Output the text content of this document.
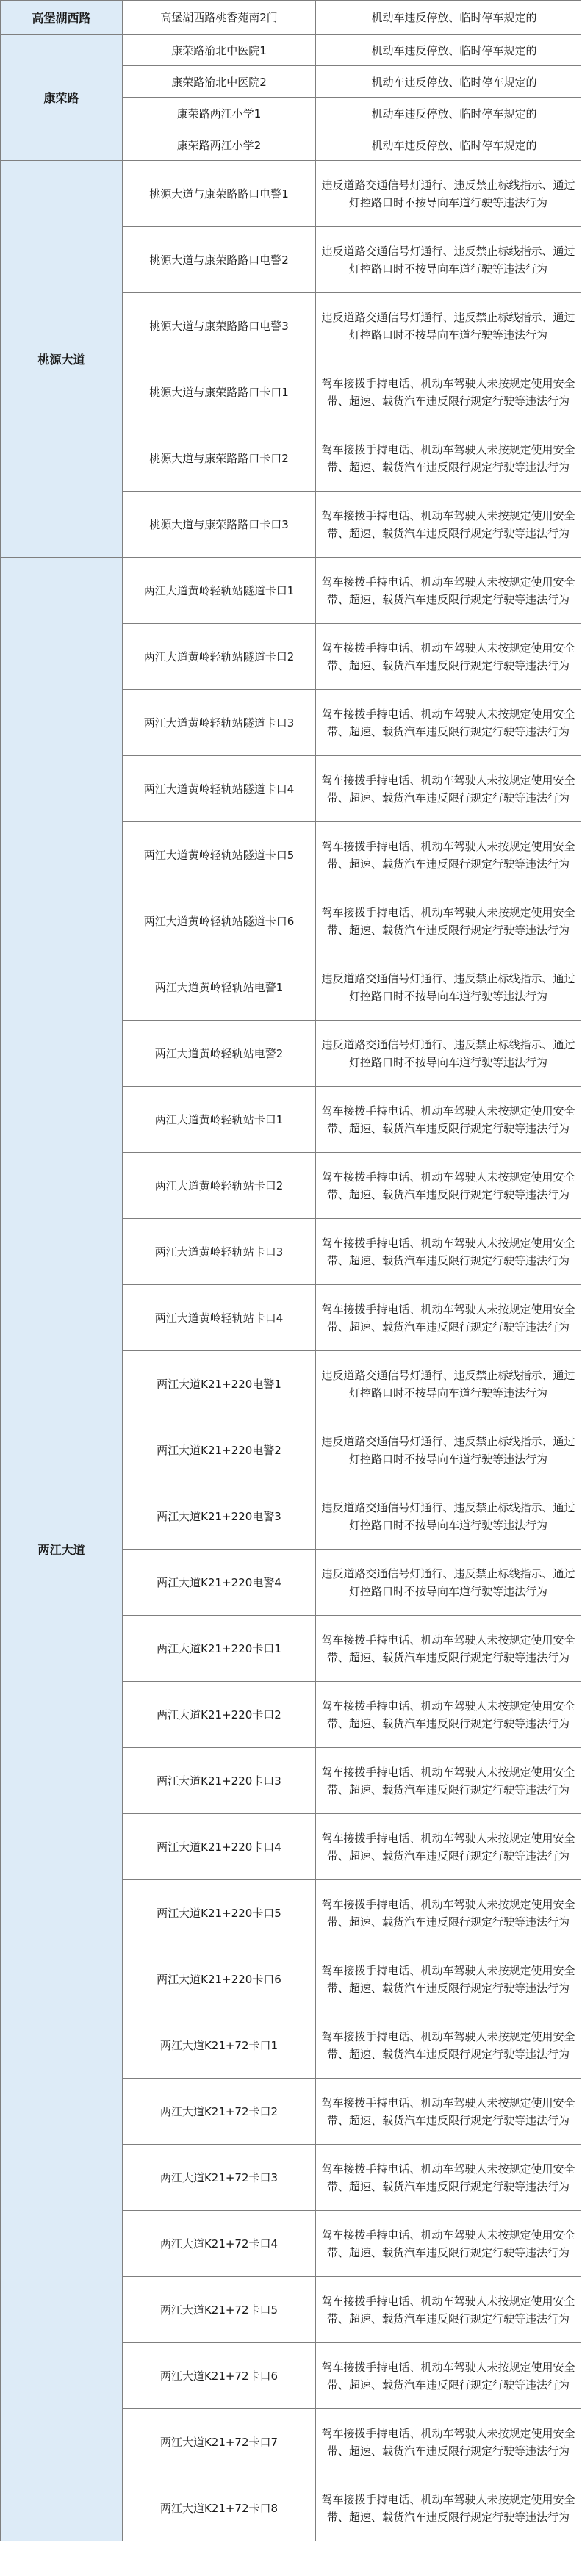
高堡湖西路	高堡湖西路桃香苑南2门	机动车违反停放、临时停车规定的
康荣路	康荣路渝北中医院1	机动车违反停放、临时停车规定的
	康荣路渝北中医院2	机动车违反停放、临时停车规定的
	康荣路两江小学1	机动车违反停放、临时停车规定的
	康荣路两江小学2	机动车违反停放、临时停车规定的
桃源大道	桃源大道与康荣路路口电警1	违反道路交通信号灯通行、违反禁止标线指示、通过灯控路口时不按导向车道行驶等违法行为
	桃源大道与康荣路路口电警2	违反道路交通信号灯通行、违反禁止标线指示、通过灯控路口时不按导向车道行驶等违法行为
	桃源大道与康荣路路口电警3	违反道路交通信号灯通行、违反禁止标线指示、通过灯控路口时不按导向车道行驶等违法行为
	桃源大道与康荣路路口卡口1	驾车接拨手持电话、机动车驾驶人未按规定使用安全带、超速、载货汽车违反限行规定行驶等违法行为
	桃源大道与康荣路路口卡口2	驾车接拨手持电话、机动车驾驶人未按规定使用安全带、超速、载货汽车违反限行规定行驶等违法行为
	桃源大道与康荣路路口卡口3	驾车接拨手持电话、机动车驾驶人未按规定使用安全带、超速、载货汽车违反限行规定行驶等违法行为
两江大道	两江大道黄岭轻轨站隧道卡口1	驾车接拨手持电话、机动车驾驶人未按规定使用安全带、超速、载货汽车违反限行规定行驶等违法行为
	两江大道黄岭轻轨站隧道卡口2	驾车接拨手持电话、机动车驾驶人未按规定使用安全带、超速、载货汽车违反限行规定行驶等违法行为
	两江大道黄岭轻轨站隧道卡口3	驾车接拨手持电话、机动车驾驶人未按规定使用安全带、超速、载货汽车违反限行规定行驶等违法行为
	两江大道黄岭轻轨站隧道卡口4	驾车接拨手持电话、机动车驾驶人未按规定使用安全带、超速、载货汽车违反限行规定行驶等违法行为
	两江大道黄岭轻轨站隧道卡口5	驾车接拨手持电话、机动车驾驶人未按规定使用安全带、超速、载货汽车违反限行规定行驶等违法行为
	两江大道黄岭轻轨站隧道卡口6	驾车接拨手持电话、机动车驾驶人未按规定使用安全带、超速、载货汽车违反限行规定行驶等违法行为
	两江大道黄岭轻轨站电警1	违反道路交通信号灯通行、违反禁止标线指示、通过灯控路口时不按导向车道行驶等违法行为
	两江大道黄岭轻轨站电警2	违反道路交通信号灯通行、违反禁止标线指示、通过灯控路口时不按导向车道行驶等违法行为
	两江大道黄岭轻轨站卡口1	驾车接拨手持电话、机动车驾驶人未按规定使用安全带、超速、载货汽车违反限行规定行驶等违法行为
	两江大道黄岭轻轨站卡口2	驾车接拨手持电话、机动车驾驶人未按规定使用安全带、超速、载货汽车违反限行规定行驶等违法行为
	两江大道黄岭轻轨站卡口3	驾车接拨手持电话、机动车驾驶人未按规定使用安全带、超速、载货汽车违反限行规定行驶等违法行为
	两江大道黄岭轻轨站卡口4	驾车接拨手持电话、机动车驾驶人未按规定使用安全带、超速、载货汽车违反限行规定行驶等违法行为
	两江大道K21+220电警1	违反道路交通信号灯通行、违反禁止标线指示、通过灯控路口时不按导向车道行驶等违法行为
	两江大道K21+220电警2	违反道路交通信号灯通行、违反禁止标线指示、通过灯控路口时不按导向车道行驶等违法行为
	两江大道K21+220电警3	违反道路交通信号灯通行、违反禁止标线指示、通过灯控路口时不按导向车道行驶等违法行为
	两江大道K21+220电警4	违反道路交通信号灯通行、违反禁止标线指示、通过灯控路口时不按导向车道行驶等违法行为
	两江大道K21+220卡口1	驾车接拨手持电话、机动车驾驶人未按规定使用安全带、超速、载货汽车违反限行规定行驶等违法行为
	两江大道K21+220卡口2	驾车接拨手持电话、机动车驾驶人未按规定使用安全带、超速、载货汽车违反限行规定行驶等违法行为
	两江大道K21+220卡口3	驾车接拨手持电话、机动车驾驶人未按规定使用安全带、超速、载货汽车违反限行规定行驶等违法行为
	两江大道K21+220卡口4	驾车接拨手持电话、机动车驾驶人未按规定使用安全带、超速、载货汽车违反限行规定行驶等违法行为
	两江大道K21+220卡口5	驾车接拨手持电话、机动车驾驶人未按规定使用安全带、超速、载货汽车违反限行规定行驶等违法行为
	两江大道K21+220卡口6	驾车接拨手持电话、机动车驾驶人未按规定使用安全带、超速、载货汽车违反限行规定行驶等违法行为
	两江大道K21+72卡口1	驾车接拨手持电话、机动车驾驶人未按规定使用安全带、超速、载货汽车违反限行规定行驶等违法行为
	两江大道K21+72卡口2	驾车接拨手持电话、机动车驾驶人未按规定使用安全带、超速、载货汽车违反限行规定行驶等违法行为
	两江大道K21+72卡口3	驾车接拨手持电话、机动车驾驶人未按规定使用安全带、超速、载货汽车违反限行规定行驶等违法行为
	两江大道K21+72卡口4	驾车接拨手持电话、机动车驾驶人未按规定使用安全带、超速、载货汽车违反限行规定行驶等违法行为
	两江大道K21+72卡口5	驾车接拨手持电话、机动车驾驶人未按规定使用安全带、超速、载货汽车违反限行规定行驶等违法行为
	两江大道K21+72卡口6	驾车接拨手持电话、机动车驾驶人未按规定使用安全带、超速、载货汽车违反限行规定行驶等违法行为
	两江大道K21+72卡口7	驾车接拨手持电话、机动车驾驶人未按规定使用安全带、超速、载货汽车违反限行规定行驶等违法行为
	两江大道K21+72卡口8	驾车接拨手持电话、机动车驾驶人未按规定使用安全带、超速、载货汽车违反限行规定行驶等违法行为
